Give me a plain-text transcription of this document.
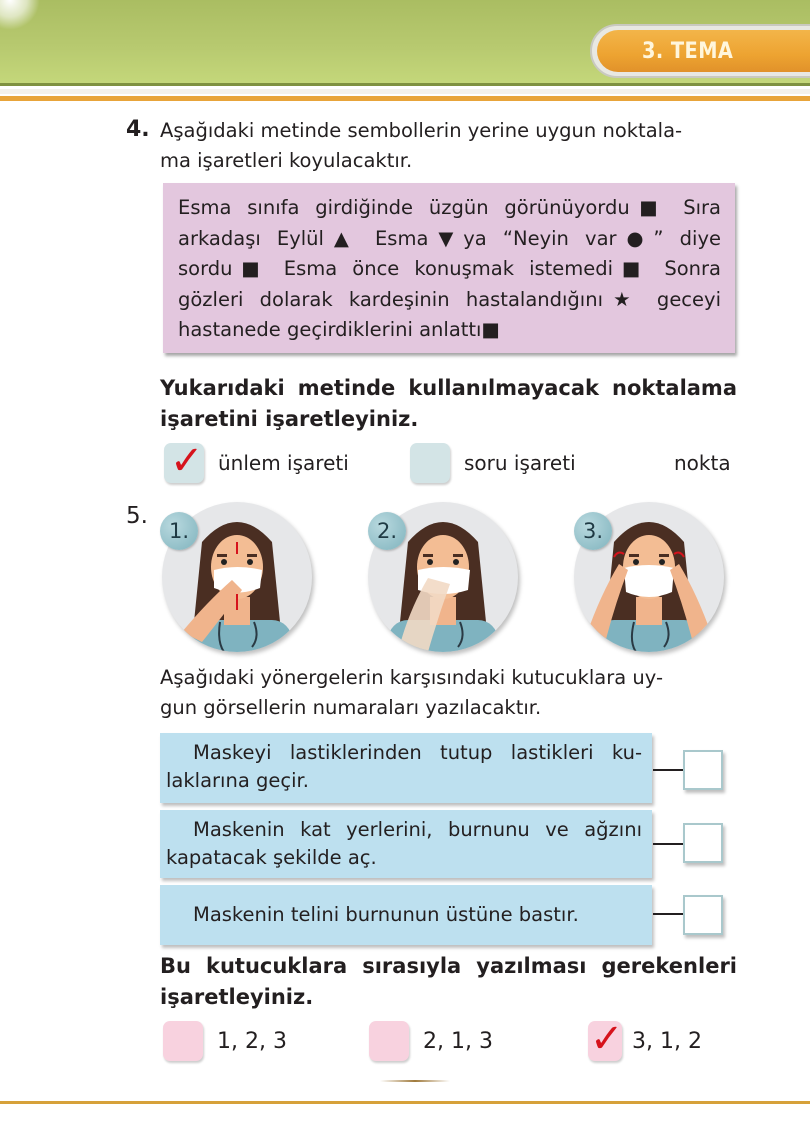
3. TEMA
4. Aşağıdaki metinde sembollerin yerine uygun noktala-
ma işaretleri koyulacaktır.

Esma sınıfa girdiğinde üzgün görünüyordu■ Sıra

arkadaşı Eylül▲ Esma▼ya “Neyin var●” diye

sordu■ Esma önce konuşmak istemedi■ Sonra

gözleri dolarak kardeşinin hastalandığını★ geceyi

hastanede geçirdiklerini anlattı■

Yukarıdaki metinde kullanılmayacak noktalama
işaretini işaretleyiniz.
✓ ünlem işareti	soru işareti	nokta
5.
1.	2.	3.
Aşağıdaki yönergelerin karşısındaki kutucuklara uy-
gun görsellerin numaraları yazılacaktır.

Maskeyi lastiklerinden tutup lastikleri ku-

laklarına geçir.

Maskenin kat yerlerini, burnunu ve ağzını

kapatacak şekilde aç.

Maskenin telini burnunun üstüne bastır.

Bu kutucuklara sırasıyla yazılması gerekenleri
işaretleyiniz.
1, 2, 3	2, 1, 3 ✓ 3, 1, 2
